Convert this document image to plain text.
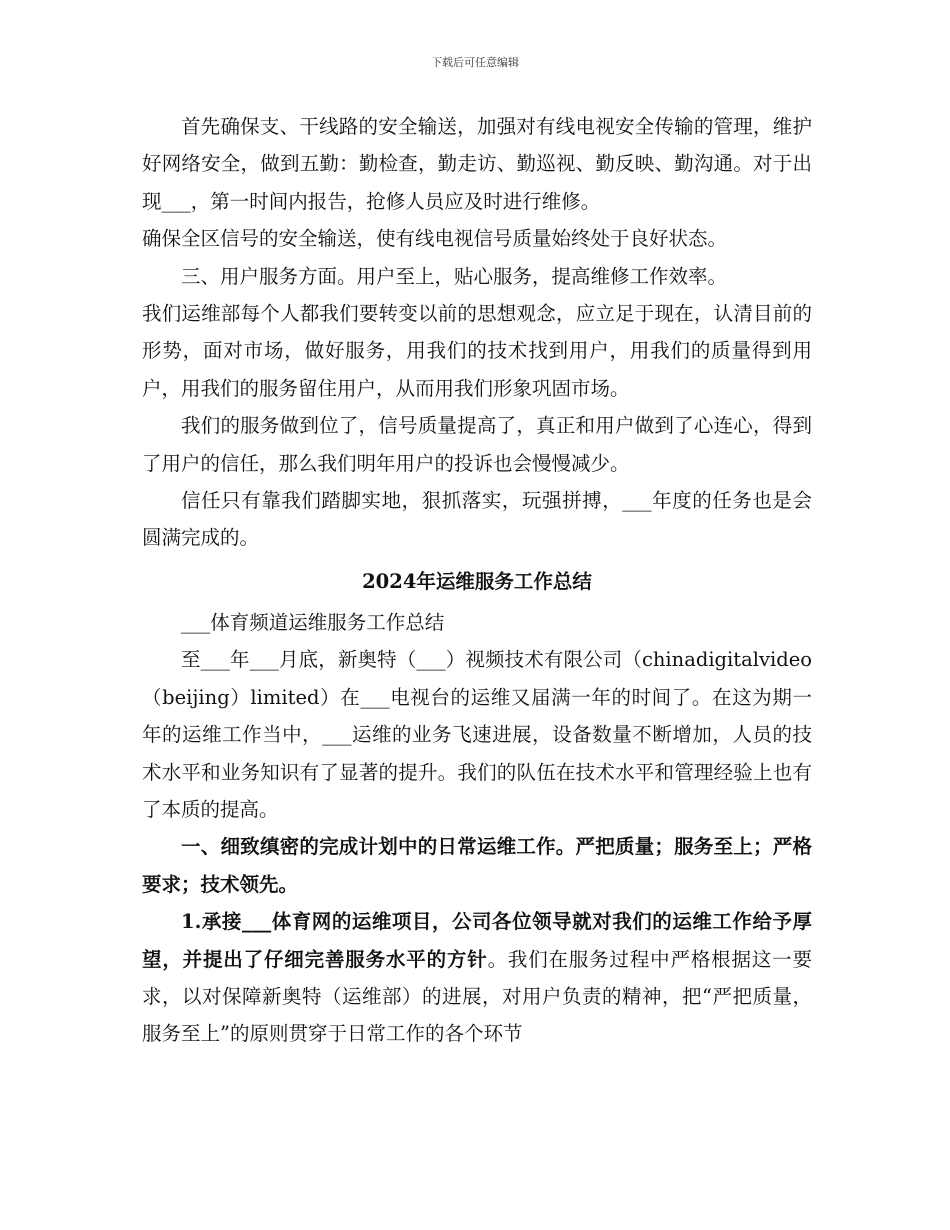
下载后可任意编辑

首先确保支、干线路的安全输送，加强对有线电视安全传输的管理，维护好网络安全，做到五勤：勤检查，勤走访、勤巡视、勤反映、勤沟通。对于出现___，第一时间内报告，抢修人员应及时进行维修。

确保全区信号的安全输送，使有线电视信号质量始终处于良好状态。

三、用户服务方面。用户至上，贴心服务，提高维修工作效率。

我们运维部每个人都我们要转变以前的思想观念，应立足于现在，认清目前的形势，面对市场，做好服务，用我们的技术找到用户，用我们的质量得到用户，用我们的服务留住用户，从而用我们形象巩固市场。

我们的服务做到位了，信号质量提高了，真正和用户做到了心连心，得到了用户的信任，那么我们明年用户的投诉也会慢慢减少。

信任只有靠我们踏脚实地，狠抓落实，玩强拼搏，___年度的任务也是会圆满完成的。

2024年运维服务工作总结

___体育频道运维服务工作总结

至___年___月底，新奥特（___）视频技术有限公司（chinadigitalvideo（beijing）limited）在___电视台的运维又届满一年的时间了。在这为期一年的运维工作当中，___运维的业务飞速进展，设备数量不断增加，人员的技术水平和业务知识有了显著的提升。我们的队伍在技术水平和管理经验上也有了本质的提高。

一、细致缜密的完成计划中的日常运维工作。严把质量；服务至上；严格要求；技术领先。

1.承接___体育网的运维项目，公司各位领导就对我们的运维工作给予厚望，并提出了仔细完善服务水平的方针。我们在服务过程中严格根据这一要求，以对保障新奥特（运维部）的进展，对用户负责的精神，把“严把质量，服务至上”的原则贯穿于日常工作的各个环节
